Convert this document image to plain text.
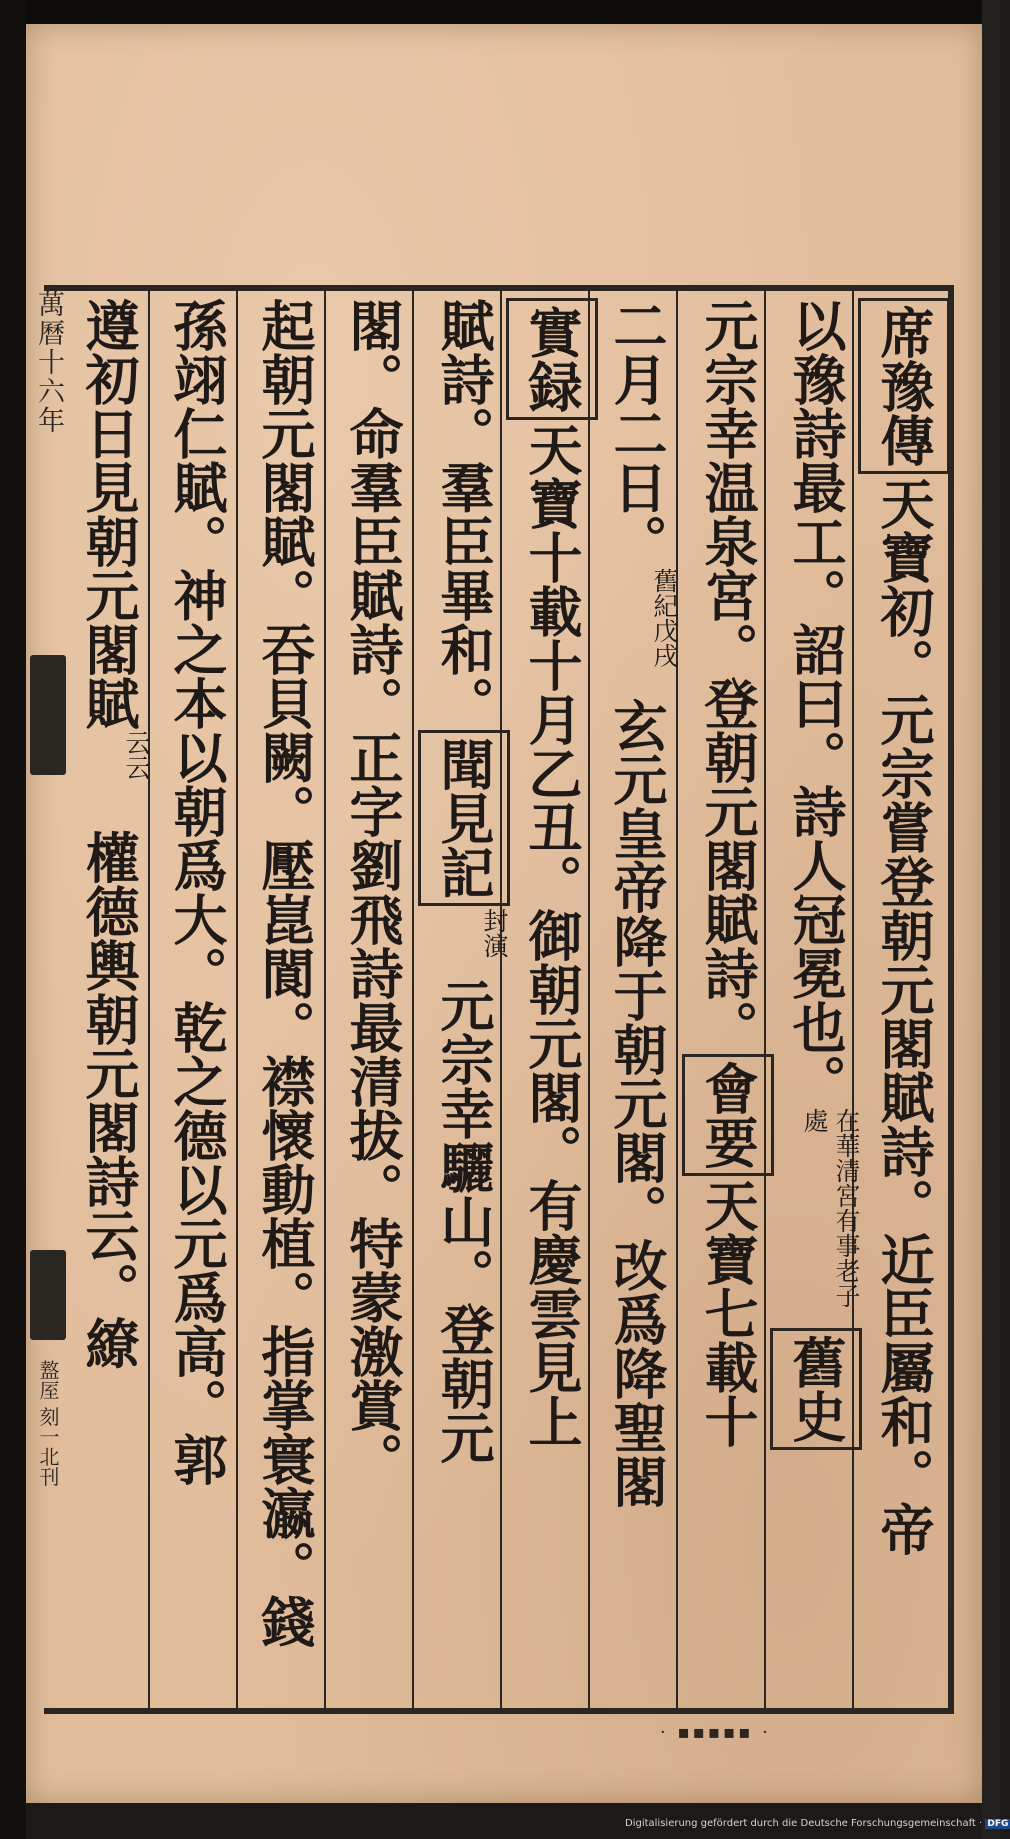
萬曆十六年
盩厔 刻一北刊
席豫傳天寶初。元宗嘗登朝元閣賦詩。近臣屬和。帝
以豫詩最工。詔曰。詩人冠冕也。在華清宮有事老子處舊史
元宗幸温泉宮。登朝元閣賦詩。會要天寶七載十
二月二日。舊紀戊戌玄元皇帝降于朝元閣。改爲降聖閣
實録天寶十載十月乙丑。御朝元閣。有慶雲見上
賦詩。羣臣畢和。聞見記封演元宗幸驪山。登朝元
閣。命羣臣賦詩。正字劉飛詩最清拔。特蒙激賞。
起朝元閣賦。吞貝闕。壓崑閬。襟懷動植。指掌寰瀛。錢
孫翊仁賦。神之本以朝爲大。乾之德以元爲高。郭
遵初日見朝元閣賦云云權德輿朝元閣詩云。繚
· ▪▪▪▪▪ ·
Digitalisierung gefördert durch die Deutsche Forschungsgemeinschaft · DFG
